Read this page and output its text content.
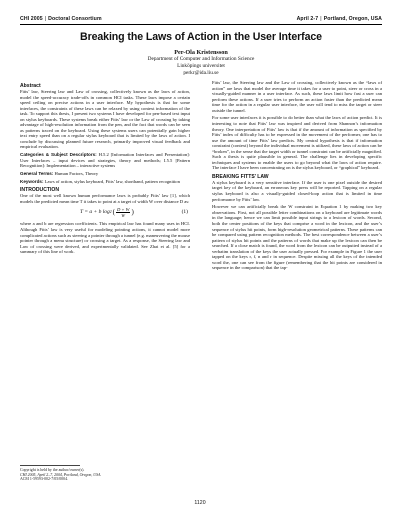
CHI 2005 | Doctoral Consortium	April 2-7 | Portland, Oregon, USA
Breaking the Laws of Action in the User Interface
Per-Ola Kristensson
Department of Computer and Information Science
Linköpings universitet
perkr@ida.liu.se
Abstract

Fitts’ law, Steering law and Law of crossing, collectively known as the laws of action, model the speed-accuracy trade-offs in common HCI tasks. These laws impose a certain speed ceiling on precise actions in a user interface. My hypothesis is that for some interfaces, the constraints of these laws can be relaxed by using context information of the task. To support this thesis, I present two systems I have developed for pen-based text input on stylus keyboards. These systems break either Fitts’ law or the Law of crossing by taking advantage of high-resolution information from the pen, and the fact that words can be seen as patterns traced on the keyboard. Using these systems users can potentially gain higher text entry speed than on a regular stylus keyboard that is limited by the laws of action. I conclude by discussing planned future research, primarily improved visual feedback and empirical evaluation.

Categories & Subject Descriptors: H.5.2 [Information Interfaces and Presentation]: User Interfaces – input devices and strategies, theory and methods; I.5.5 [Pattern Recognition]: Implementation – interactive systems

General Terms: Human Factors, Theory

Keywords: Laws of action, stylus keyboard, Fitts’ law, shorthand, pattern recognition

INTRODUCTION

One of the most well known human performance laws is probably Fitts’ law [1], which models the predicted mean time T it takes to point at a target of width W over distance D as:

T = a + b log 2 ( $\frac{D + W}{W}$ )	(1)

where a and b are regression coefficients. This empirical law has found many uses in HCI. Although Fitts’ law is very useful for modeling pointing actions, it cannot model more complicated actions such as steering a pointer through a tunnel (e.g. maneuvering the mouse pointer through a menu structure) or crossing a target. As a response, the Steering law and Law of crossing were derived, and experimentally validated. See Zhai et al. [5] for a summary of this line of work.

Fitts’ law, the Steering law and the Law of crossing, collectively known as the “laws of action” are laws that model the average time it takes for a user to point, steer or cross in a visually-guided manner in a user interface. As such, these laws limit how fast a user can perform these actions. If a user tries to perform an action faster than the predicted mean time for the action in a regular user interface, the user will tend to miss the target or steer outside the tunnel.

For some user interfaces it is possible to do better than what the laws of action predict. It is interesting to note that Fitts’ law was inspired and derived from Shannon’s information theory. One interpretation of Fitts’ law is that if the amount of information as specified by Fitts’ index of difficulty has to be expressed in the movement of the performer, one has to use the amount of time Fitts’ law predicts. My central hypothesis is that if information constraint (context) beyond the individual movement is utilized, these laws of action can be “broken”, in the sense that the target width or tunnel constraint can be artificially magnified. Such a thesis is quite plausible in general. The challenge lies in developing specific techniques and systems to enable the users to go beyond what the laws of action require. The interface I have been concentrating on is the stylus keyboard, or “graphical” keyboard.

BREAKING FITTS’ LAW

A stylus keyboard is a very sensitive interface. If the user is one pixel outside the desired target key of the keyboard, an erroneous key press will be reported. Tapping on a regular stylus keyboard is also a visually-guided closed-loop action that is limited in time performance by Fitts’ law.

However we can artificially break the W constraint in Equation 1 by making two key observations. First, not all possible letter combinations on a keyboard are legitimate words in the language; hence we can limit possible input strings to a lexicon of words. Second, both the center positions of the keys that comprise a word in the lexicon, and the user’s sequence of stylus hit points, form high-resolution geometrical patterns. These patterns can be compared using pattern recognition methods. The best correspondence between a user’s pattern of stylus hit points and the patterns of words that make up the lexicon can then be searched. If a close match is found, the word from the lexicon can be outputted instead of a verbatim translation of the keys the user actually pressed. For example in Figure 1 the user tapped on the keys r, f, n and r in sequence. Despite missing all the keys of the intended word the, one can see from the figure (remembering that the hit points are considered in sequence in the comparison) that the tap-

Copyright is held by the author/owner(s).
CHI 2005, April 2–7, 2004, Portland, Oregon, USA.
ACM 1-59593-002-7/05/0004.
1120
